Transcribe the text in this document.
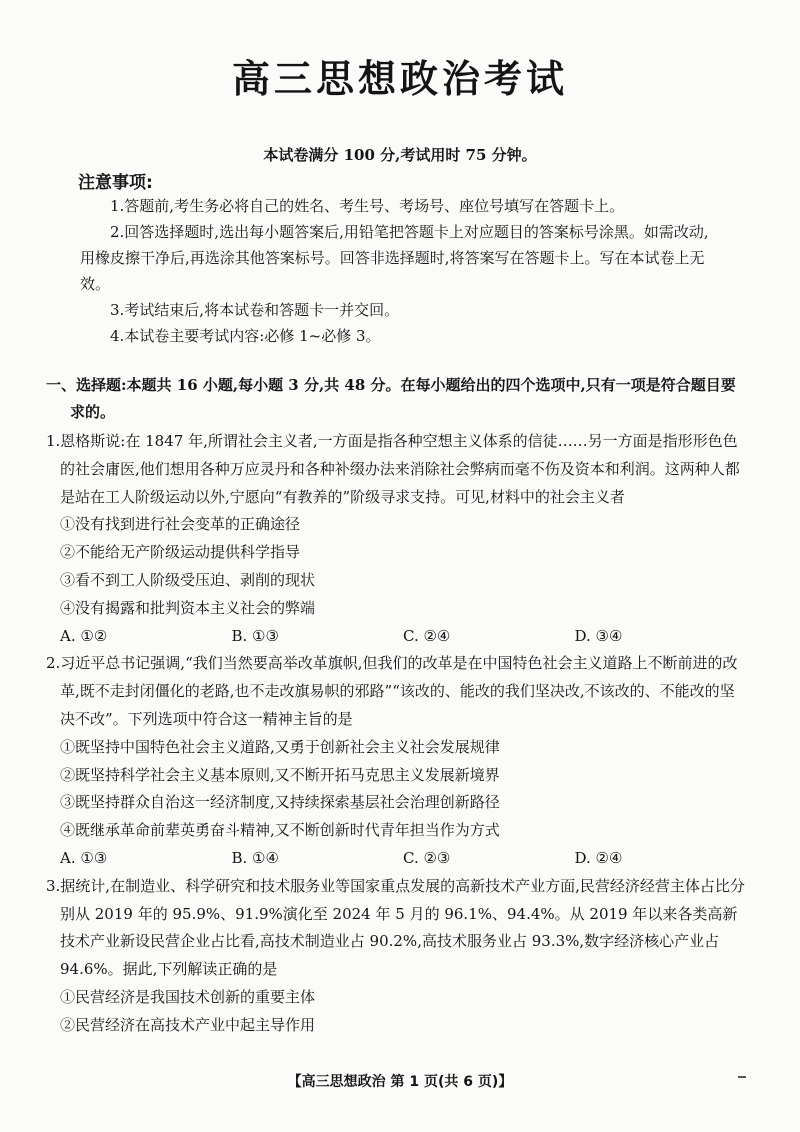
高三思想政治考试
本试卷满分 100 分,考试用时 75 分钟。
注意事项:

1.答题前,考生务必将自己的姓名、考生号、考场号、座位号填写在答题卡上。

2.回答选择题时,选出每小题答案后,用铅笔把答题卡上对应题目的答案标号涂黑。如需改动,用橡皮擦干净后,再选涂其他答案标号。回答非选择题时,将答案写在答题卡上。写在本试卷上无效。

3.考试结束后,将本试卷和答题卡一并交回。

4.本试卷主要考试内容:必修 1~必修 3。

一、选择题:本题共 16 小题,每小题 3 分,共 48 分。在每小题给出的四个选项中,只有一项是符合题目要求的。

1.恩格斯说:在 1847 年,所谓社会主义者,一方面是指各种空想主义体系的信徒……另一方面是指形形色色的社会庸医,他们想用各种万应灵丹和各种补缀办法来消除社会弊病而毫不伤及资本和利润。这两种人都是站在工人阶级运动以外,宁愿向“有教养的”阶级寻求支持。可见,材料中的社会主义者

①没有找到进行社会变革的正确途径

②不能给无产阶级运动提供科学指导

③看不到工人阶级受压迫、剥削的现状

④没有揭露和批判资本主义社会的弊端

A. ①②	B. ①③	C. ②④	D. ③④

2.习近平总书记强调,“我们当然要高举改革旗帜,但我们的改革是在中国特色社会主义道路上不断前进的改革,既不走封闭僵化的老路,也不走改旗易帜的邪路”“该改的、能改的我们坚决改,不该改的、不能改的坚决不改”。下列选项中符合这一精神主旨的是

①既坚持中国特色社会主义道路,又勇于创新社会主义社会发展规律

②既坚持科学社会主义基本原则,又不断开拓马克思主义发展新境界

③既坚持群众自治这一经济制度,又持续探索基层社会治理创新路径

④既继承革命前辈英勇奋斗精神,又不断创新时代青年担当作为方式

A. ①③	B. ①④	C. ②③	D. ②④

3.据统计,在制造业、科学研究和技术服务业等国家重点发展的高新技术产业方面,民营经济经营主体占比分别从 2019 年的 95.9%、91.9%演化至 2024 年 5 月的 96.1%、94.4%。从 2019 年以来各类高新技术产业新设民营企业占比看,高技术制造业占 90.2%,高技术服务业占 93.3%,数字经济核心产业占 94.6%。据此,下列解读正确的是

①民营经济是我国技术创新的重要主体

②民营经济在高技术产业中起主导作用

【高三思想政治 第 1 页(共 6 页)】
